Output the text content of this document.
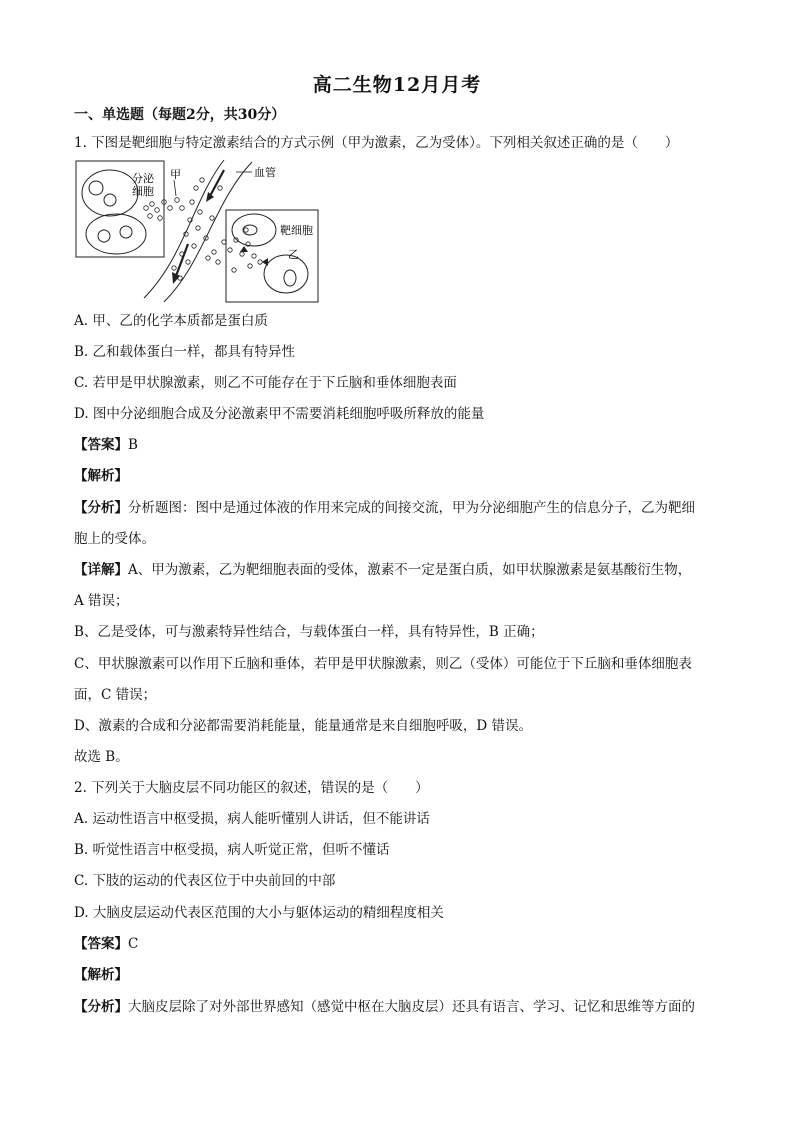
高二生物12月月考
一、单选题（每题2分，共30分）
1. 下图是靶细胞与特定激素结合的方式示例（甲为激素，乙为受体）。下列相关叙述正确的是（　　）
分泌
细胞
甲	血管
靶细胞
乙
A. 甲、乙的化学本质都是蛋白质
B. 乙和载体蛋白一样，都具有特异性
C. 若甲是甲状腺激素，则乙不可能存在于下丘脑和垂体细胞表面
D. 图中分泌细胞合成及分泌激素甲不需要消耗细胞呼吸所释放的能量
【答案】B
【解析】
【分析】分析题图：图中是通过体液的作用来完成的间接交流，甲为分泌细胞产生的信息分子，乙为靶细
胞上的受体。
【详解】A、甲为激素，乙为靶细胞表面的受体，激素不一定是蛋白质，如甲状腺激素是氨基酸衍生物，
A 错误；
B、乙是受体，可与激素特异性结合，与载体蛋白一样，具有特异性，B 正确；
C、甲状腺激素可以作用下丘脑和垂体，若甲是甲状腺激素，则乙（受体）可能位于下丘脑和垂体细胞表
面，C 错误；
D、激素的合成和分泌都需要消耗能量，能量通常是来自细胞呼吸，D 错误。
故选 B。
2. 下列关于大脑皮层不同功能区的叙述，错误的是（　　）
A. 运动性语言中枢受损，病人能听懂别人讲话，但不能讲话
B. 听觉性语言中枢受损，病人听觉正常，但听不懂话
C. 下肢的运动的代表区位于中央前回的中部
D. 大脑皮层运动代表区范围的大小与躯体运动的精细程度相关
【答案】C
【解析】
【分析】大脑皮层除了对外部世界感知（感觉中枢在大脑皮层）还具有语言、学习、记忆和思维等方面的
